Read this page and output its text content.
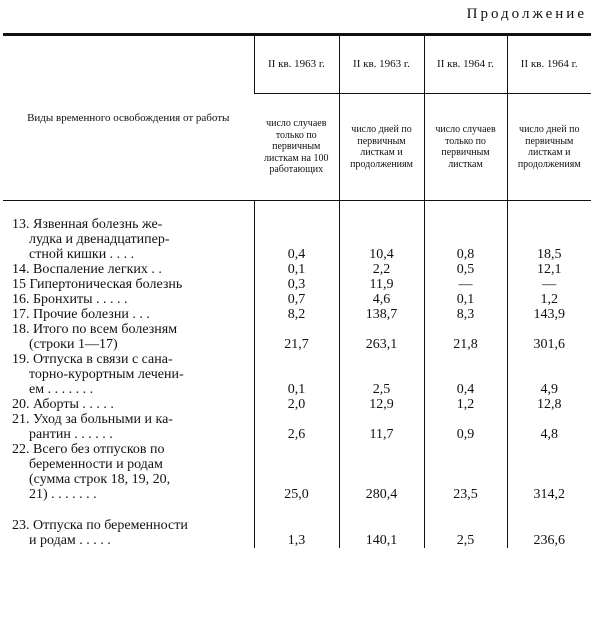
Продолжение
Виды временного освобождения от работы	II кв. 1963 г.	II кв. 1963 г.	II кв. 1964 г.	II кв. 1964 г.
	число случаев только по первичным листкам на 100 работающих	число дней по первичным листкам и продолжениям	число случаев только по первичным листкам	число дней по первичным листкам и продолжениям

13. Язвенная болезнь же-
лудка и двенадцатипер-
стной кишки . . . .	0,4	10,4	0,8	18,5

14. Воспаление легких . .	0,1	2,2	0,5	12,1

15 Гипертоническая болезнь	0,3	11,9	—	—

16. Бронхиты . . . . .	0,7	4,6	0,1	1,2

17. Прочие болезни . . .	8,2	138,7	8,3	143,9

18. Итого по всем болезням
(строки 1—17)	21,7	263,1	21,8	301,6

19. Отпуска в связи с сана-
торно-курортным лечени-
ем . . . . . . .	0,1	2,5	0,4	4,9

20. Аборты . . . . .	2,0	12,9	1,2	12,8

21. Уход за больными и ка-
рантин . . . . . .	2,6	11,7	0,9	4,8

22. Всего без отпусков по
беременности и родам
(сумма строк 18, 19, 20,
21) . . . . . . .	25,0	280,4	23,5	314,2

23. Отпуска по беременности
и родам . . . . .	1,3	140,1	2,5	236,6
